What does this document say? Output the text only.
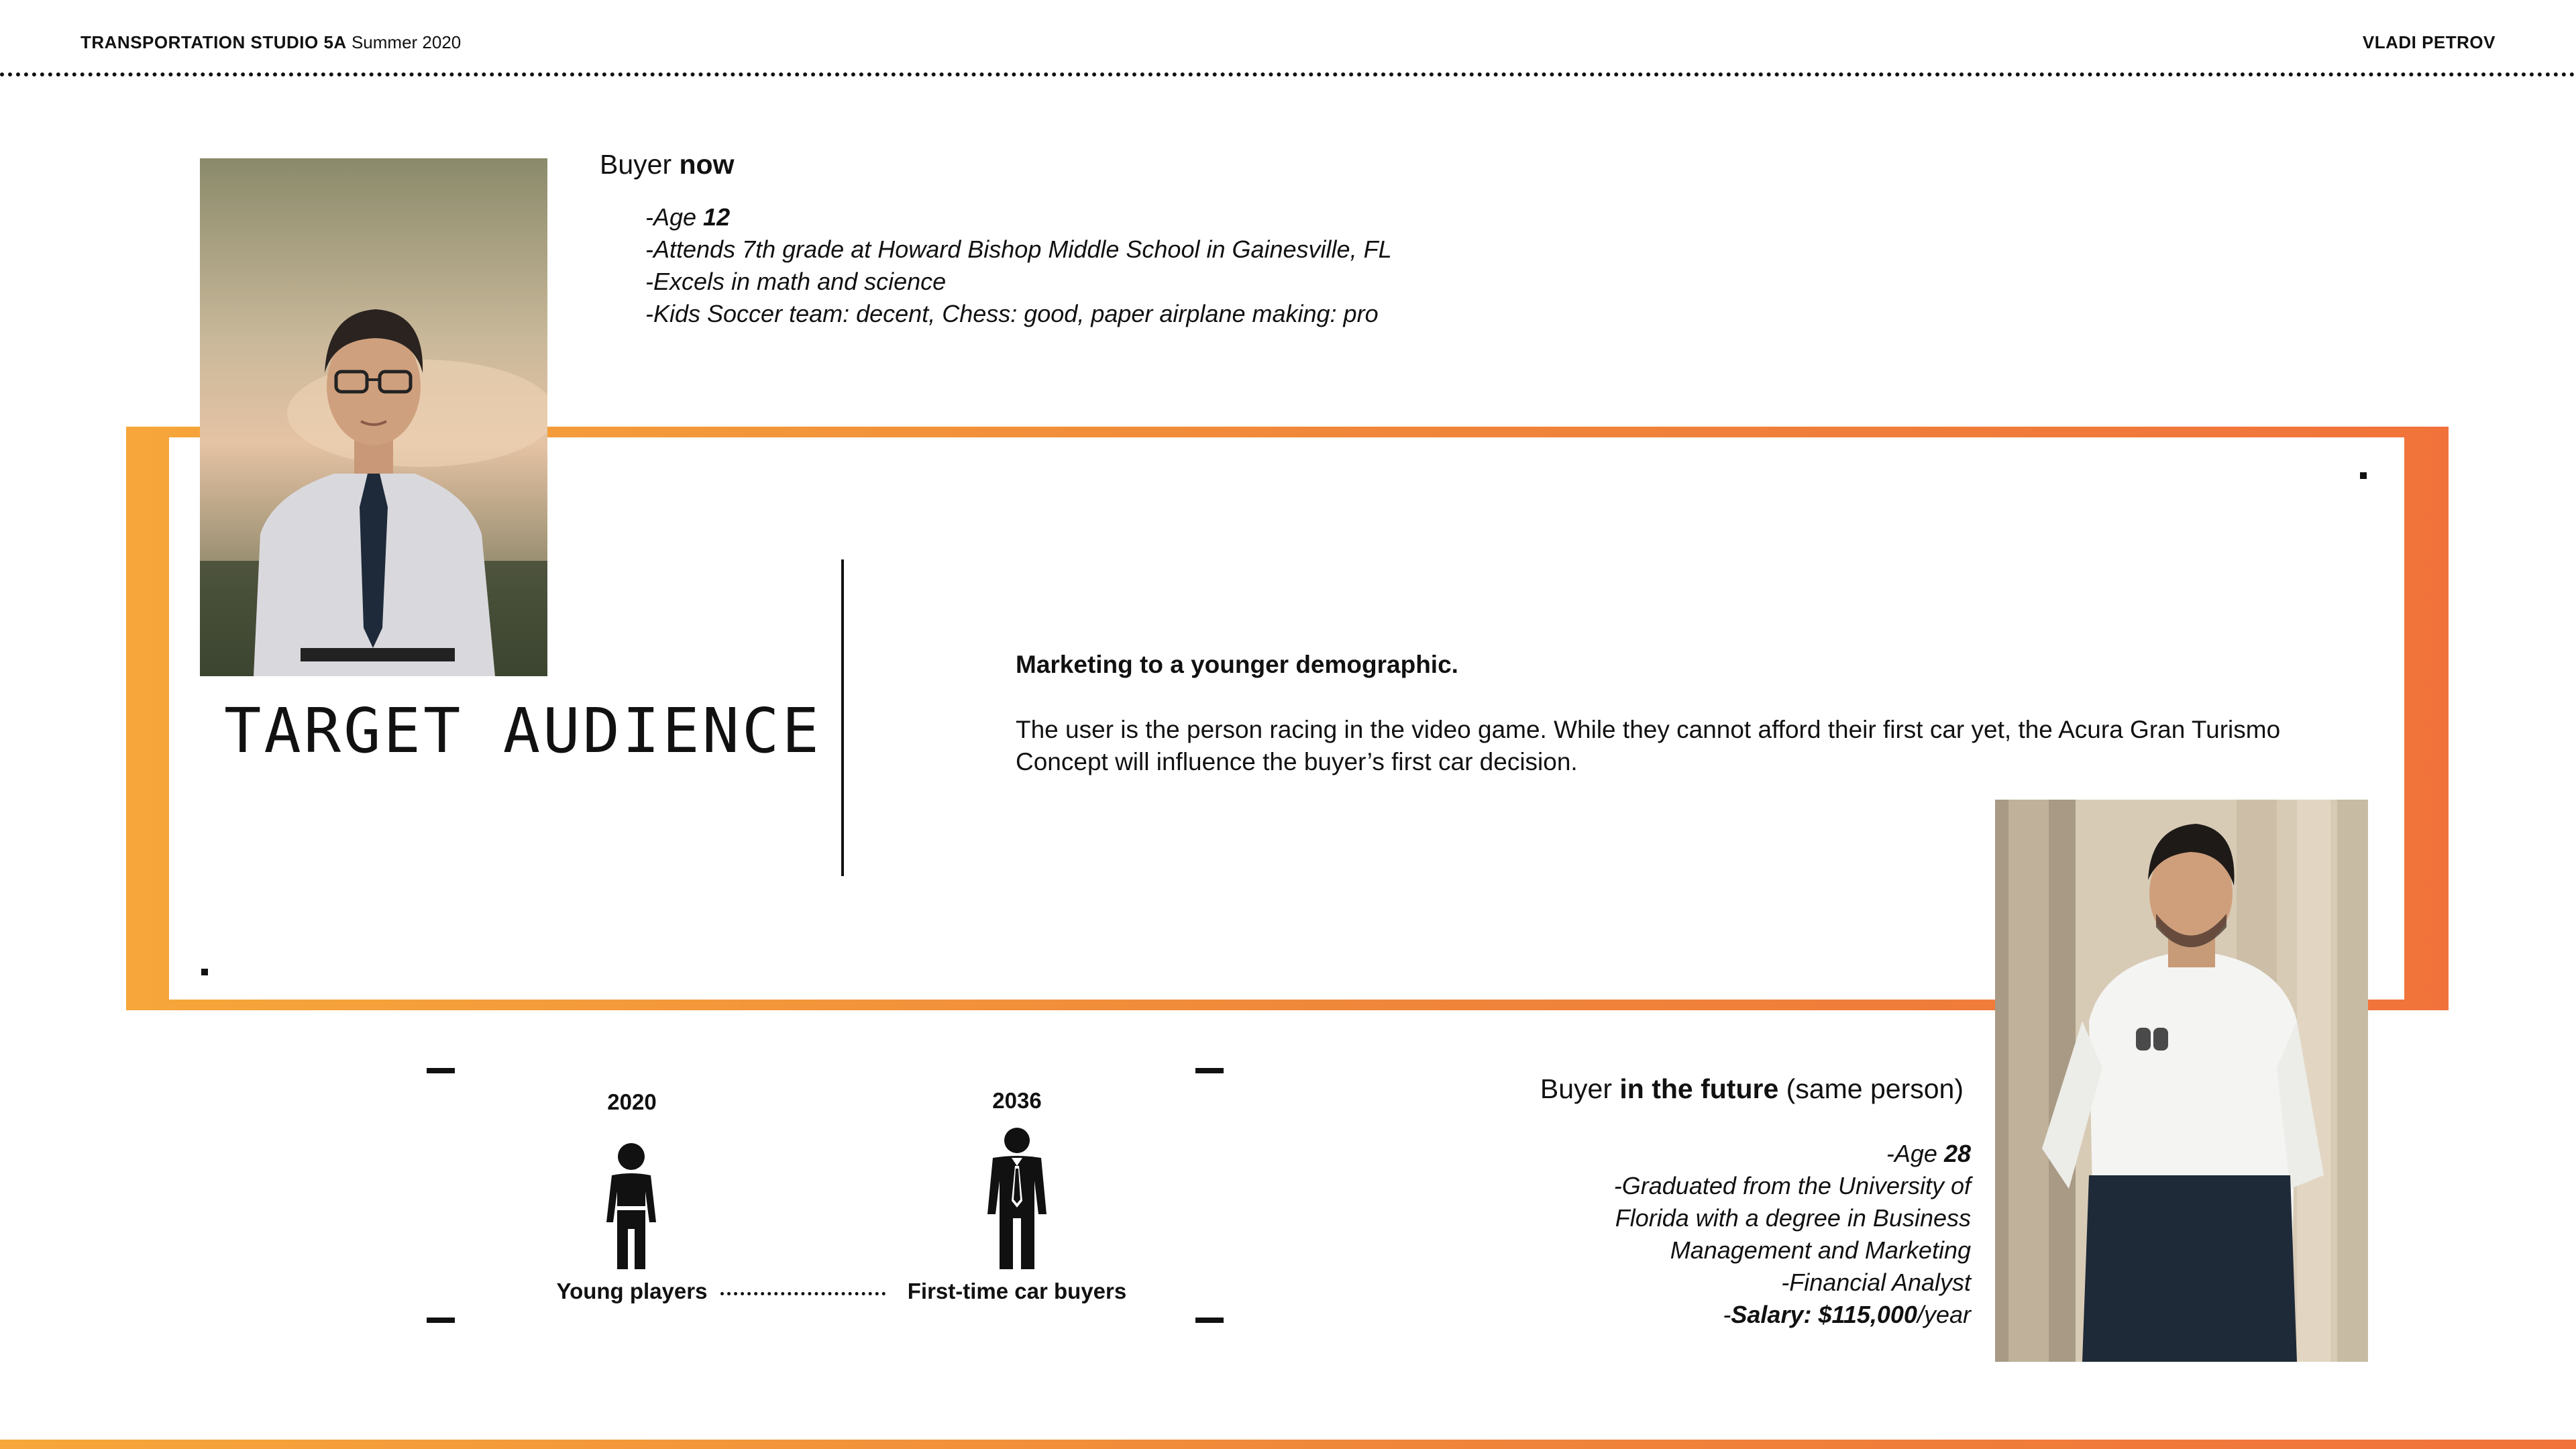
TRANSPORTATION STUDIO 5A Summer 2020	VLADI PETROV
Buyer now
-Age 12
-Attends 7th grade at Howard Bishop Middle School in Gainesville, FL
-Excels in math and science
-Kids Soccer team: decent, Chess: good, paper airplane making: pro
TARGET AUDIENCE
Marketing to a younger demographic.
The user is the person racing in the video game. While they cannot afford their first car yet, the Acura Gran Turismo Concept will influence the buyer’s first car decision.
2020	2036
Young players	First-time car buyers
Buyer in the future (same person)
-Age 28
-Graduated from the University of
Florida with a degree in Business
Management and Marketing
-Financial Analyst
-Salary: $115,000/year
